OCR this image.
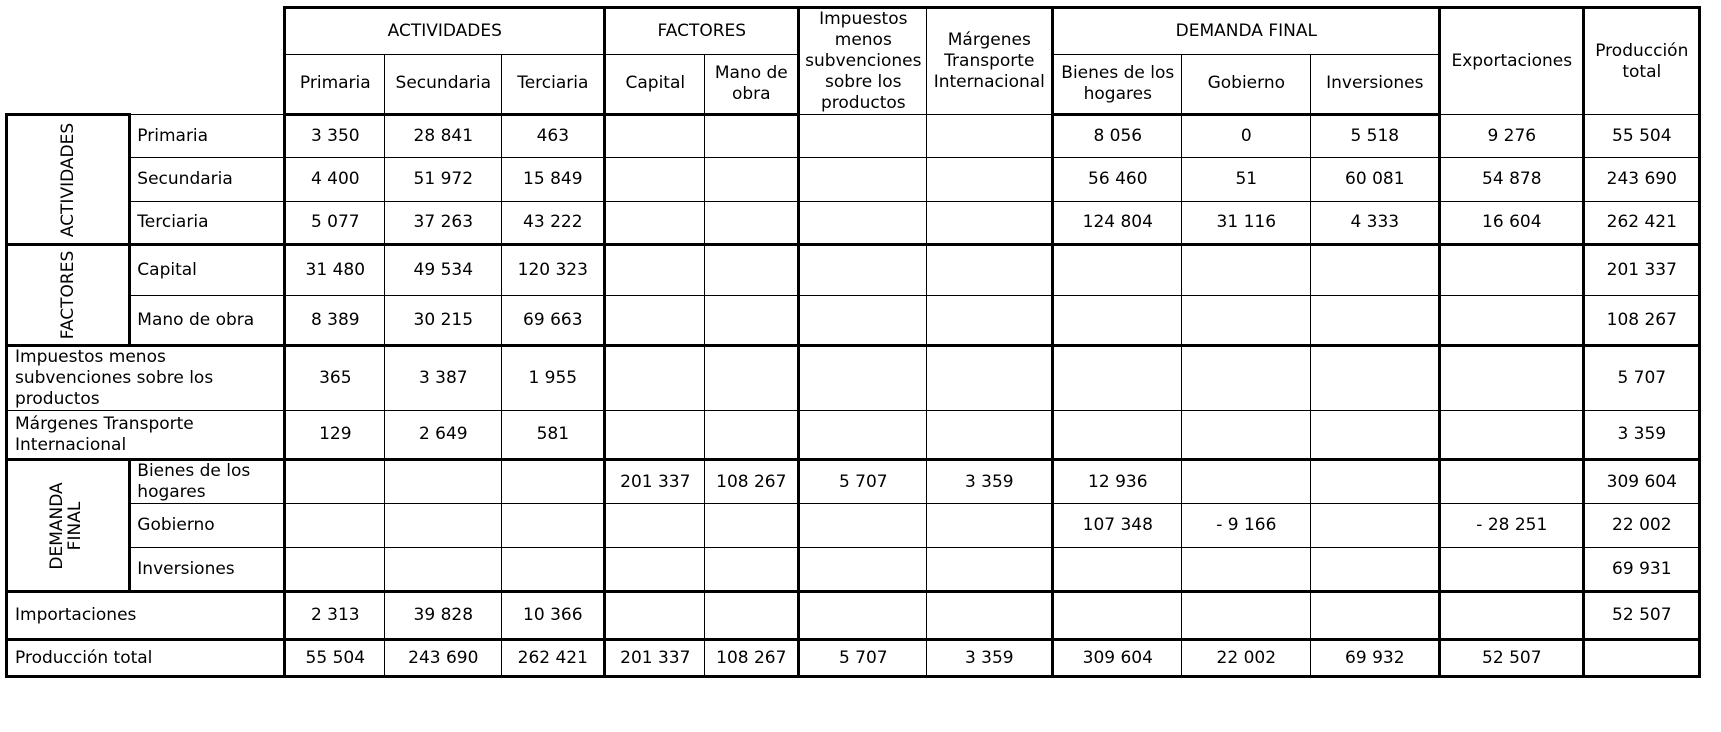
		ACTIVIDADES			FACTORES		Impuestos menos subvenciones sobre los productos	Márgenes Transporte Internacional	DEMANDA FINAL			Exportaciones	Producción total
		Primaria	Secundaria	Terciaria	Capital	Mano de obra			Bienes de los hogares	Gobierno	Inversiones		

ACTIVIDADES	Primaria	3 350	28 841	463					8 056	0	5 518	9 276	55 504
	Secundaria	4 400	51 972	15 849					56 460	51	60 081	54 878	243 690
	Terciaria	5 077	37 263	43 222					124 804	31 116	4 333	16 604	262 421

FACTORES	Capital	31 480	49 534	120 323									201 337
	Mano de obra	8 389	30 215	69 663									108 267
Impuestos menos subvenciones sobre los productos		365	3 387	1 955									5 707
Márgenes Transporte Internacional		129	2 649	581									3 359

DEMANDA FINAL	Bienes de los hogares				201 337	108 267	5 707	3 359	12 936				309 604
	Gobierno								107 348	- 9 166		- 28 251	22 002
	Inversiones												69 931
Importaciones		2 313	39 828	10 366									52 507
Producción total		55 504	243 690	262 421	201 337	108 267	5 707	3 359	309 604	22 002	69 932	52 507	
